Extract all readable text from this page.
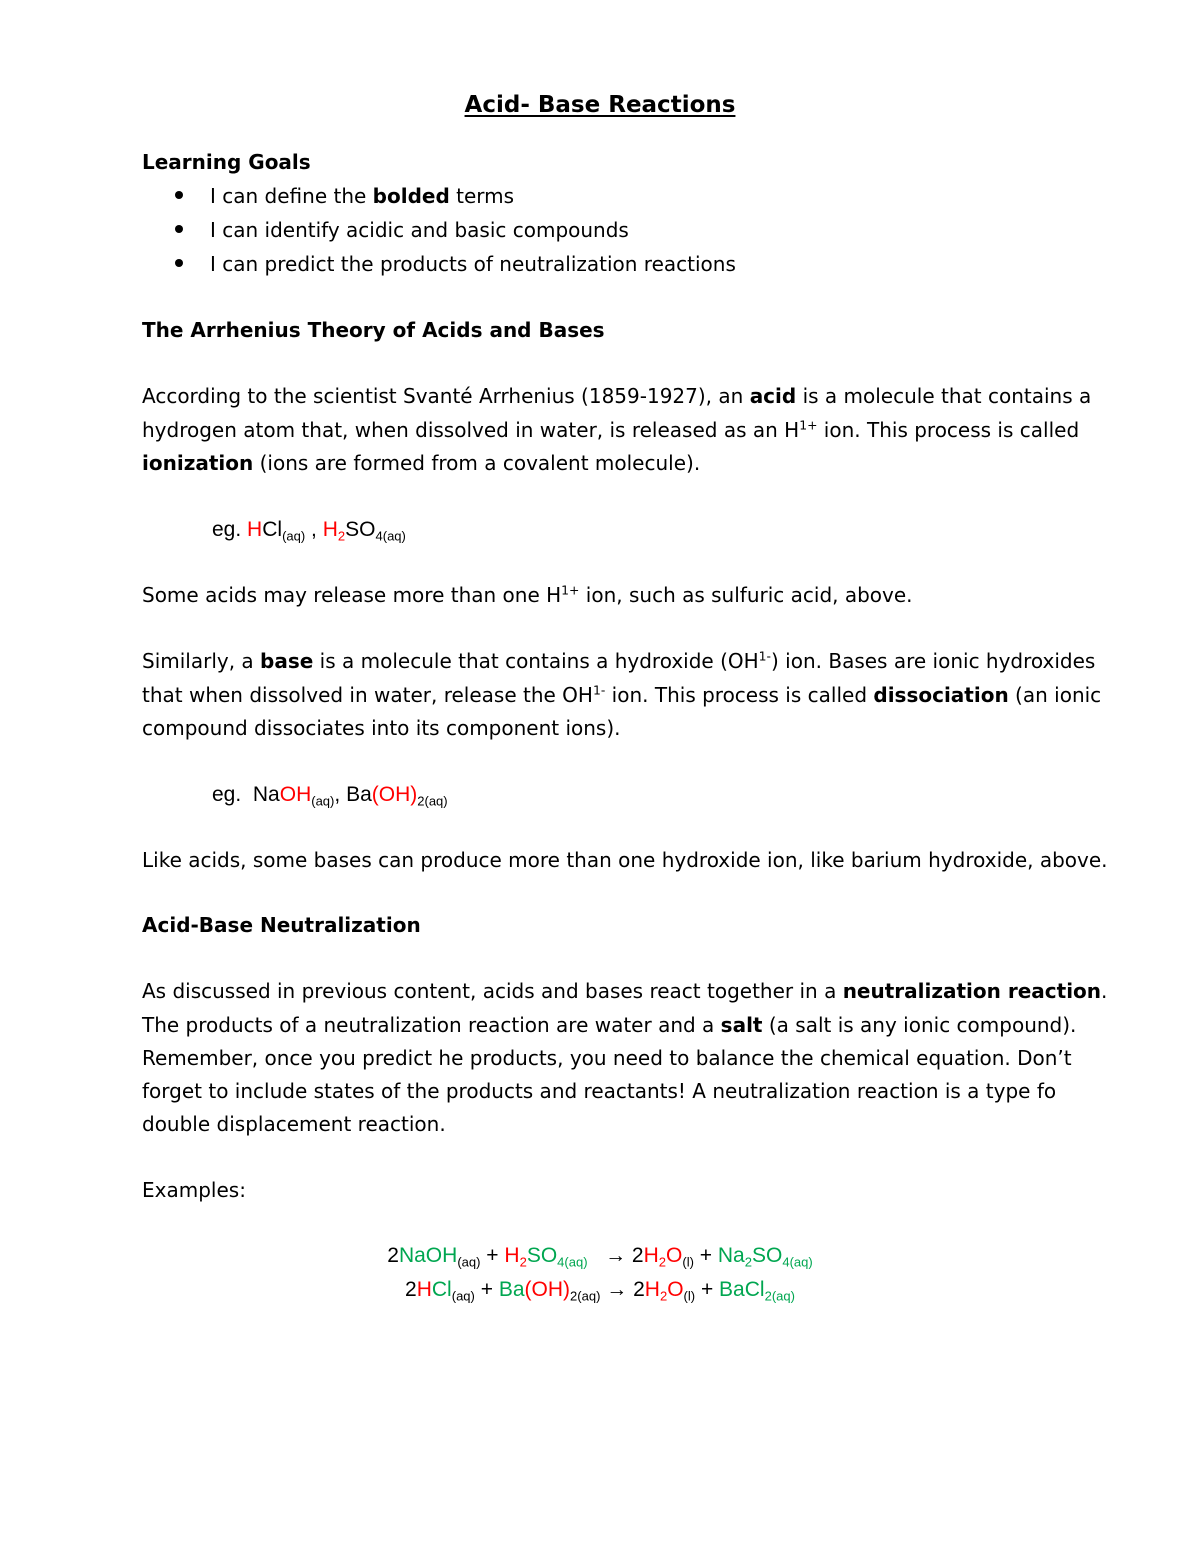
Acid- Base Reactions
Learning Goals
I can define the bolded terms
I can identify acidic and basic compounds
I can predict the products of neutralization reactions
The Arrhenius Theory of Acids and Bases
According to the scientist Svanté Arrhenius (1859-1927), an acid is a molecule that contains a
hydrogen atom that, when dissolved in water, is released as an $H^{1+}$ ion. This process is called
ionization (ions are formed from a covalent molecule).
eg. HCl$_{(aq)}$ , $H_2SO_{4(aq)}$
Some acids may release more than one $H^{1+}$ ion, such as sulfuric acid, above.
Similarly, a base is a molecule that contains a hydroxide $(OH^{1-})$ ion. Bases are ionic hydroxides
that when dissolved in water, release the $OH^{1-}$ ion. This process is called dissociation (an ionic
compound dissociates into its component ions).
eg. NaOH$_{(aq)}$, $Ba(OH)_{2(aq)}$
Like acids, some bases can produce more than one hydroxide ion, like barium hydroxide, above.
Acid-Base Neutralization
As discussed in previous content, acids and bases react together in a neutralization reaction.
The products of a neutralization reaction are water and a salt (a salt is any ionic compound).
Remember, once you predict he products, you need to balance the chemical equation. Don’t
forget to include states of the products and reactants! A neutralization reaction is a type fo
double displacement reaction.
Examples:
2NaOH$_{(aq)}$ + $H_2SO_{4(aq)} \to 2H_2O_{(l)} + Na_2SO_{4(aq)}$
$2HCl_{(aq)} + Ba(OH)_{2(aq)} \to 2H_2O_{(l)}$ + BaCl$_{2(aq)}$
